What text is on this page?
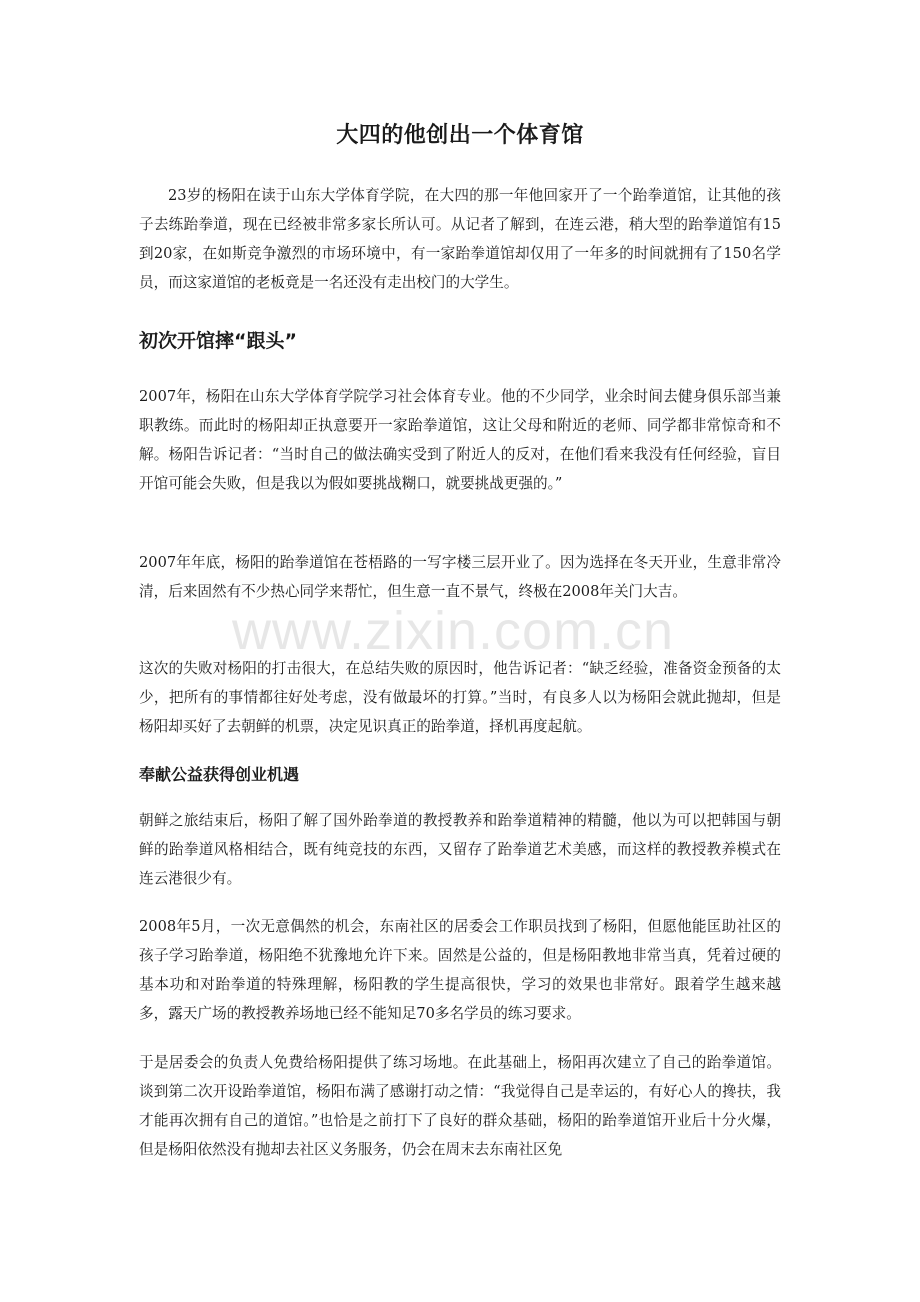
www.zixin.com.cn
大四的他创出一个体育馆

23岁的杨阳在读于山东大学体育学院，在大四的那一年他回家开了一个跆拳道馆，让其他的孩子去练跆拳道，现在已经被非常多家长所认可。从记者了解到，在连云港，稍大型的跆拳道馆有15到20家，在如斯竞争激烈的市场环境中，有一家跆拳道馆却仅用了一年多的时间就拥有了150名学员，而这家道馆的老板竟是一名还没有走出校门的大学生。

初次开馆摔“跟头”

2007年，杨阳在山东大学体育学院学习社会体育专业。他的不少同学，业余时间去健身俱乐部当兼职教练。而此时的杨阳却正执意要开一家跆拳道馆，这让父母和附近的老师、同学都非常惊奇和不解。杨阳告诉记者：“当时自己的做法确实受到了附近人的反对，在他们看来我没有任何经验，盲目开馆可能会失败，但是我以为假如要挑战糊口，就要挑战更强的。”

2007年年底，杨阳的跆拳道馆在苍梧路的一写字楼三层开业了。因为选择在冬天开业，生意非常冷清，后来固然有不少热心同学来帮忙，但生意一直不景气，终极在2008年关门大吉。

这次的失败对杨阳的打击很大，在总结失败的原因时，他告诉记者：“缺乏经验，准备资金预备的太少，把所有的事情都往好处考虑，没有做最坏的打算。”当时，有良多人以为杨阳会就此抛却，但是杨阳却买好了去朝鲜的机票，决定见识真正的跆拳道，择机再度起航。

奉献公益获得创业机遇

朝鲜之旅结束后，杨阳了解了国外跆拳道的教授教养和跆拳道精神的精髓，他以为可以把韩国与朝鲜的跆拳道风格相结合，既有纯竞技的东西，又留存了跆拳道艺术美感，而这样的教授教养模式在连云港很少有。

2008年5月，一次无意偶然的机会，东南社区的居委会工作职员找到了杨阳，但愿他能匡助社区的孩子学习跆拳道，杨阳绝不犹豫地允许下来。固然是公益的，但是杨阳教地非常当真，凭着过硬的基本功和对跆拳道的特殊理解，杨阳教的学生提高很快，学习的效果也非常好。跟着学生越来越多，露天广场的教授教养场地已经不能知足70多名学员的练习要求。

于是居委会的负责人免费给杨阳提供了练习场地。在此基础上，杨阳再次建立了自己的跆拳道馆。谈到第二次开设跆拳道馆，杨阳布满了感谢打动之情：“我觉得自己是幸运的，有好心人的搀扶，我才能再次拥有自己的道馆。”也恰是之前打下了良好的群众基础，杨阳的跆拳道馆开业后十分火爆，但是杨阳依然没有抛却去社区义务服务，仍会在周末去东南社区免
